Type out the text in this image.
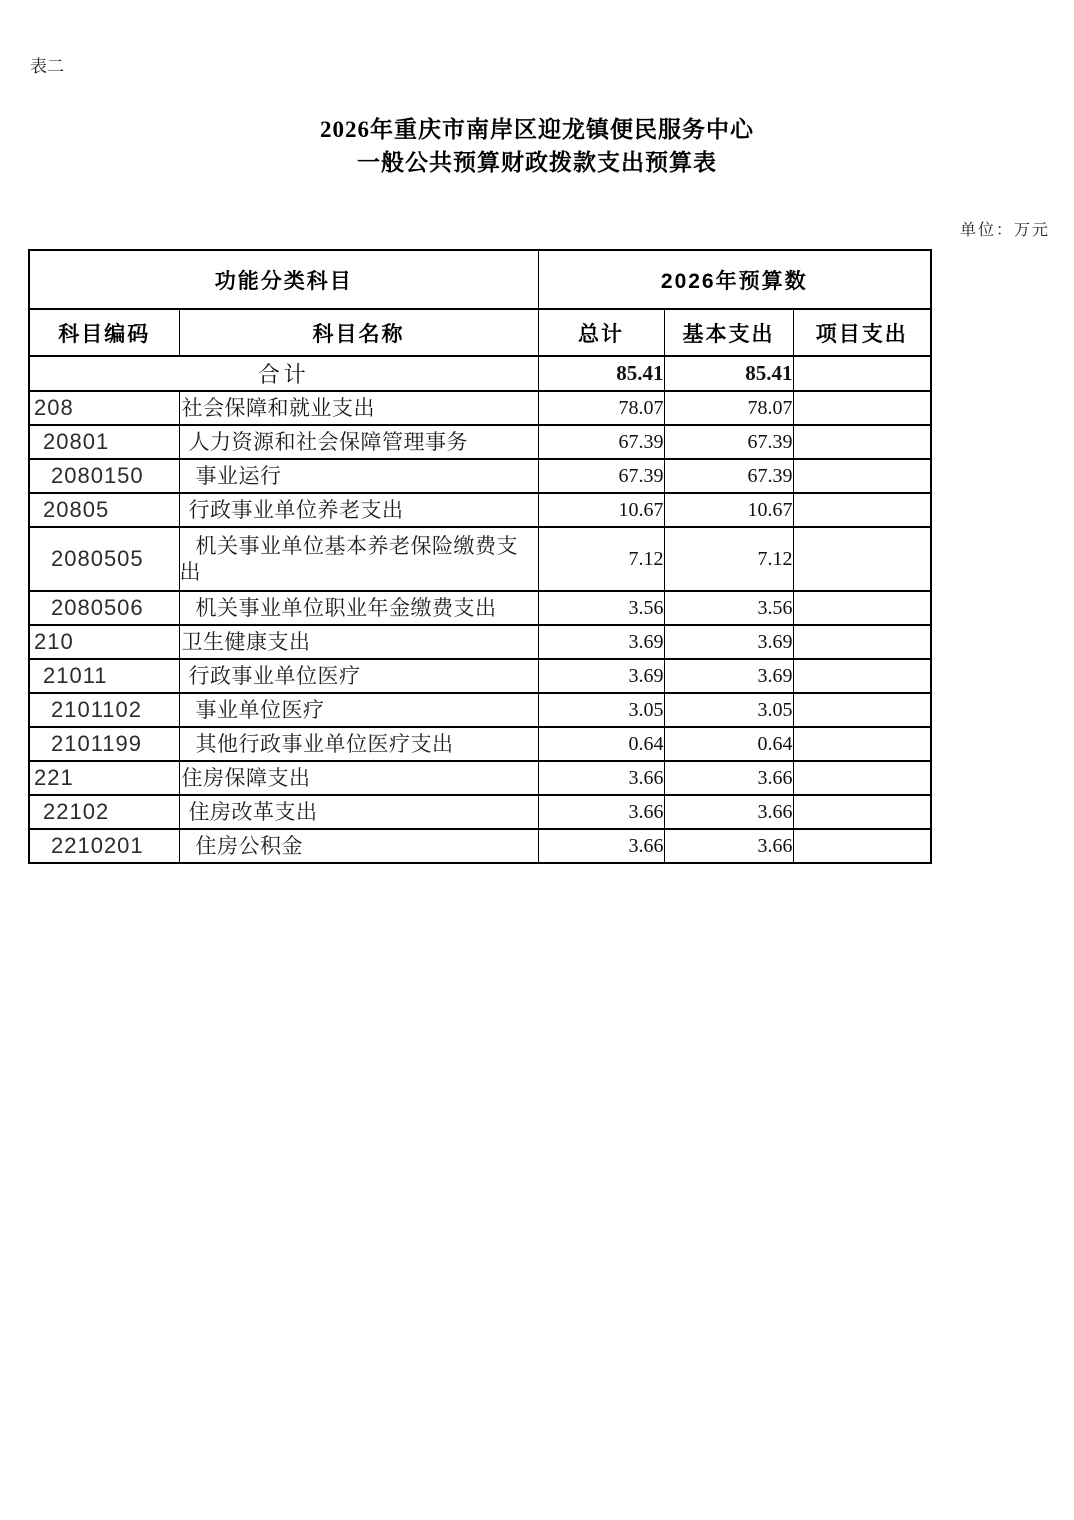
表二
2026年重庆市南岸区迎龙镇便民服务中心
一般公共预算财政拨款支出预算表
单位：万元
功能分类科目		2026年预算数		
科目编码	科目名称	总计	基本支出	项目支出
合计		85.41	85.41	
208	社会保障和就业支出	78.07	78.07	
20801	人力资源和社会保障管理事务	67.39	67.39	
2080150	事业运行	67.39	67.39	
20805	行政事业单位养老支出	10.67	10.67	
2080505	机关事业单位基本养老保险缴费支出	7.12	7.12	
2080506	机关事业单位职业年金缴费支出	3.56	3.56	
210	卫生健康支出	3.69	3.69	
21011	行政事业单位医疗	3.69	3.69	
2101102	事业单位医疗	3.05	3.05	
2101199	其他行政事业单位医疗支出	0.64	0.64	
221	住房保障支出	3.66	3.66	
22102	住房改革支出	3.66	3.66	
2210201	住房公积金	3.66	3.66	
